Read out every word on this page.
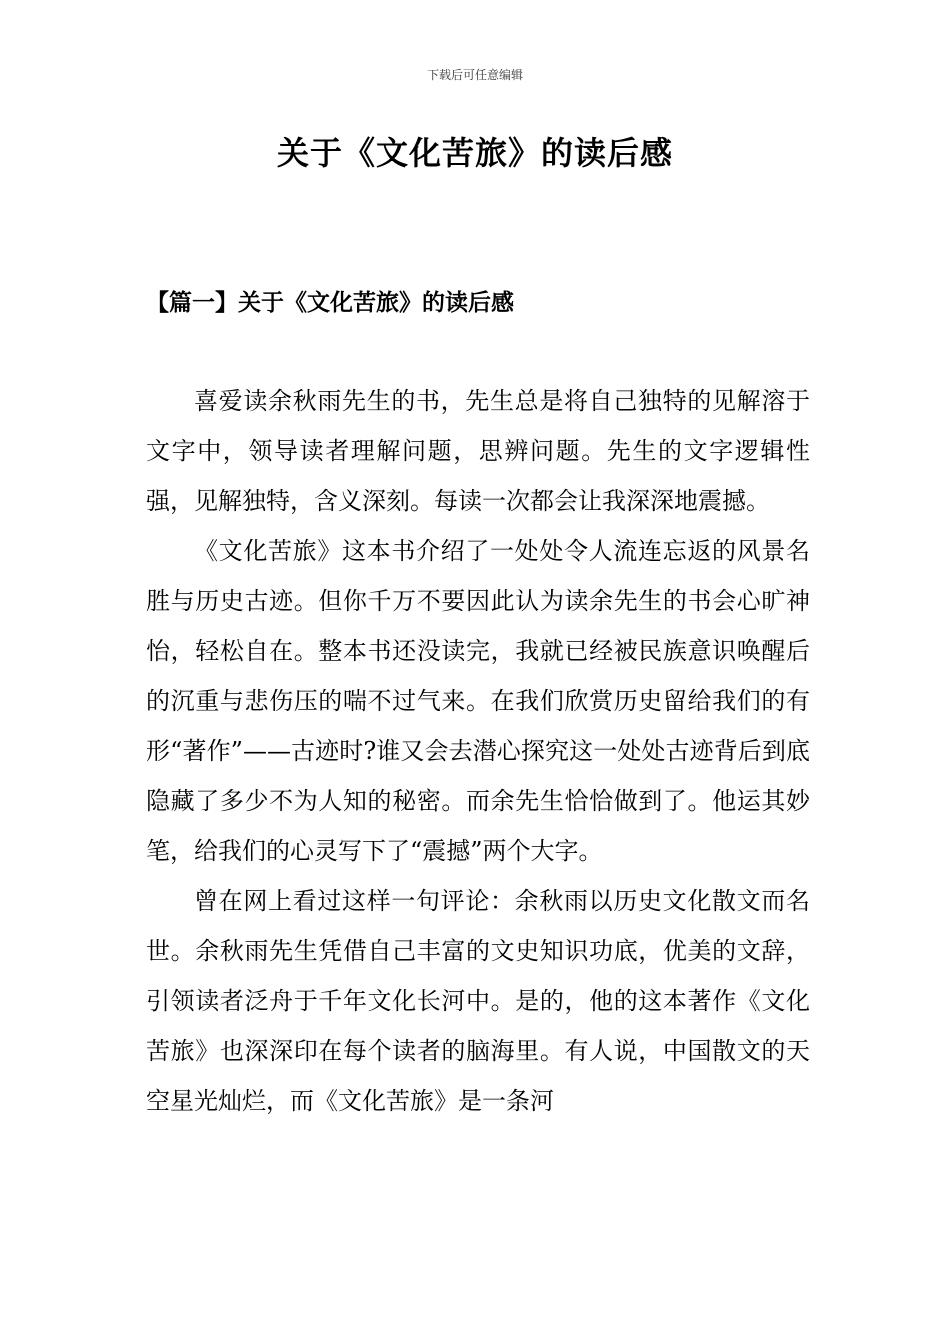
下载后可任意编辑
关于《文化苦旅》的读后感
【篇一】关于《文化苦旅》的读后感

喜爱读余秋雨先生的书，先生总是将自己独特的见解溶于文字中，领导读者理解问题，思辨问题。先生的文字逻辑性强，见解独特，含义深刻。每读一次都会让我深深地震撼。

《文化苦旅》这本书介绍了一处处令人流连忘返的风景名胜与历史古迹。但你千万不要因此认为读余先生的书会心旷神怡，轻松自在。整本书还没读完，我就已经被民族意识唤醒后的沉重与悲伤压的喘不过气来。在我们欣赏历史留给我们的有形“著作”——古迹时?谁又会去潜心探究这一处处古迹背后到底隐藏了多少不为人知的秘密。而余先生恰恰做到了。他运其妙笔，给我们的心灵写下了“震撼”两个大字。

曾在网上看过这样一句评论：余秋雨以历史文化散文而名世。余秋雨先生凭借自己丰富的文史知识功底，优美的文辞，引领读者泛舟于千年文化长河中。是的，他的这本著作《文化苦旅》也深深印在每个读者的脑海里。有人说，中国散文的天空星光灿烂，而《文化苦旅》是一条河
